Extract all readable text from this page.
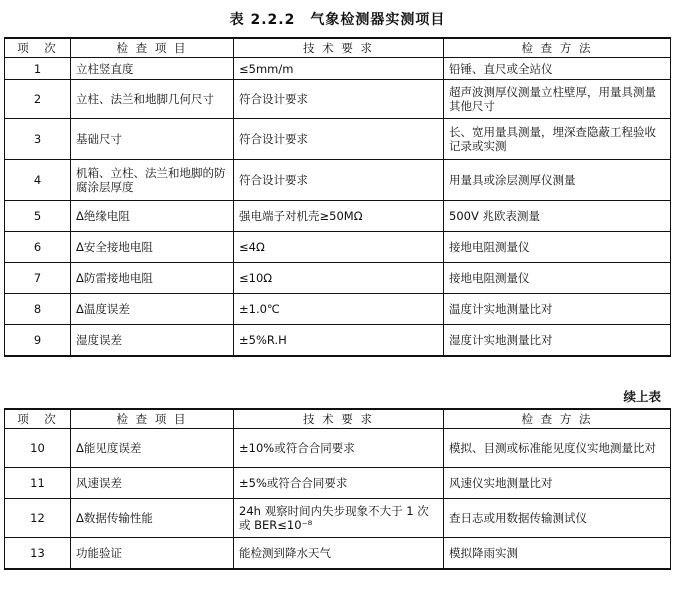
表 2.2.2　气象检测器实测项目
项　次	检 查 项 目	技 术 要 求	检 查 方 法
1	立柱竖直度	≤5mm/m	铅锤、直尺或全站仪
2	立柱、法兰和地脚几何尺寸	符合设计要求	超声波测厚仪测量立柱壁厚，用量具测量其他尺寸
3	基础尺寸	符合设计要求	长、宽用量具测量，埋深查隐蔽工程验收记录或实测
4	机箱、立柱、法兰和地脚的防腐涂层厚度	符合设计要求	用量具或涂层测厚仪测量
5	Δ绝缘电阻	强电端子对机壳≥50MΩ	500V 兆欧表测量
6	Δ安全接地电阻	≤4Ω	接地电阻测量仪
7	Δ防雷接地电阻	≤10Ω	接地电阻测量仪
8	Δ温度误差	±1.0℃	温度计实地测量比对
9	湿度误差	±5%R.H	湿度计实地测量比对
续上表
项　次	检 查 项 目	技 术 要 求	检 查 方 法
10	Δ能见度误差	±10%或符合合同要求	模拟、目测或标准能见度仪实地测量比对
11	风速误差	±5%或符合合同要求	风速仪实地测量比对
12	Δ数据传输性能	24h 观察时间内失步现象不大于 1 次或 BER≤10⁻⁸	查日志或用数据传输测试仪
13	功能验证	能检测到降水天气	模拟降雨实测
